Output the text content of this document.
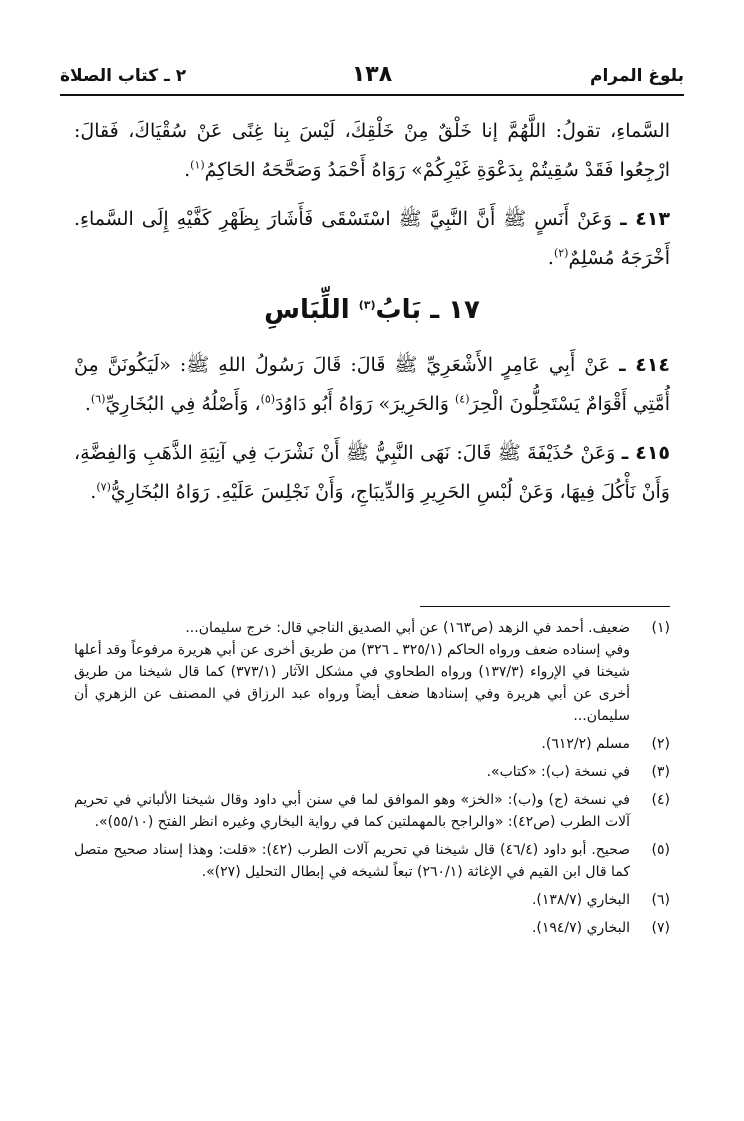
بلوغ المرام
١٣٨
٢ ـ كتاب الصلاة

السَّماءِ، تقولُ: اللَّهُمَّ إنا خَلْقٌ مِنْ خَلْقِكَ، لَيْسَ بِنا غِنًى عَنْ سُقْيَاكَ، فَقالَ: ارْجِعُوا فَقَدْ سُقِيتُمْ بِدَعْوَةِ غَيْرِكُمْ» رَوَاهُ أَحْمَدُ وَصَحَّحَهُ الحَاكِمُ$^{(١)}$.

٤١٣ ـ وَعَنْ أَنَسٍ ﷺ أَنَّ النَّبِيَّ ﷺ اسْتَسْقَى فَأَشَارَ بِظَهْرِ كَفَّيْهِ إِلَى السَّماءِ. أَخْرَجَهُ مُسْلِمٌ$^{(٢)}$.

١٧ ـ بَابُ$^{(٣)}$ اللِّبَاسِ

٤١٤ ـ عَنْ أَبِي عَامِرٍ الأَشْعَرِيِّ ﷺ قَالَ: قَالَ رَسُولُ اللهِ ﷺ: «لَيَكُونَنَّ مِنْ أُمَّتِي أَقْوَامٌ يَسْتَحِلُّونَ الْحِرَ$^{(٤)}$ وَالحَرِيرَ» رَوَاهُ أَبُو دَاوُدَ$^{(٥)}$، وَأَصْلُهُ فِي البُخَارِيِّ$^{(٦)}$.

٤١٥ ـ وَعَنْ حُذَيْفَةَ ﷺ قَالَ: نَهَى النَّبِيُّ ﷺ أَنْ نَشْرَبَ فِي آنِيَةِ الذَّهَبِ وَالفِضَّةِ، وَأَنْ نَأْكُلَ فِيهَا، وَعَنْ لُبْسِ الحَرِيرِ وَالدِّيبَاجِ، وَأَنْ نَجْلِسَ عَلَيْهِ. رَوَاهُ البُخَارِيُّ$^{(٧)}$.

(١)
ضعيف. أحمد في الزهد (ص١٦٣) عن أبي الصديق الناجي قال: خرج سليمان...
وفي إسناده ضعف ورواه الحاكم (٣٢٥/١ ـ ٣٢٦) من طريق أخرى عن أبي هريرة مرفوعاً وقد أعلها شيخنا في الإرواء (١٣٧/٣) ورواه الطحاوي في مشكل الآثار (٣٧٣/١) كما قال شيخنا من طريق أخرى عن أبي هريرة وفي إسنادها ضعف أيضاً ورواه عبد الرزاق في المصنف عن الزهري أن سليمان...
(٢)
مسلم (٦١٢/٢).
(٣)
في نسخة (ب): «كتاب».
(٤)
في نسخة (ج) و(ب): «الخز» وهو الموافق لما في سنن أبي داود وقال شيخنا الألباني في تحريم آلات الطرب (ص٤٢): «والراجح بالمهملتين كما في رواية البخاري وغيره انظر الفتح (٥٥/١٠)».
(٥)
صحيح. أبو داود (٤٦/٤) قال شيخنا في تحريم آلات الطرب (٤٢): «قلت: وهذا إسناد صحيح متصل كما قال ابن القيم في الإغاثة (٢٦٠/١) تبعاً لشيخه في إبطال التحليل (٢٧)».
(٦)
البخاري (١٣٨/٧).
(٧)
البخاري (١٩٤/٧).
